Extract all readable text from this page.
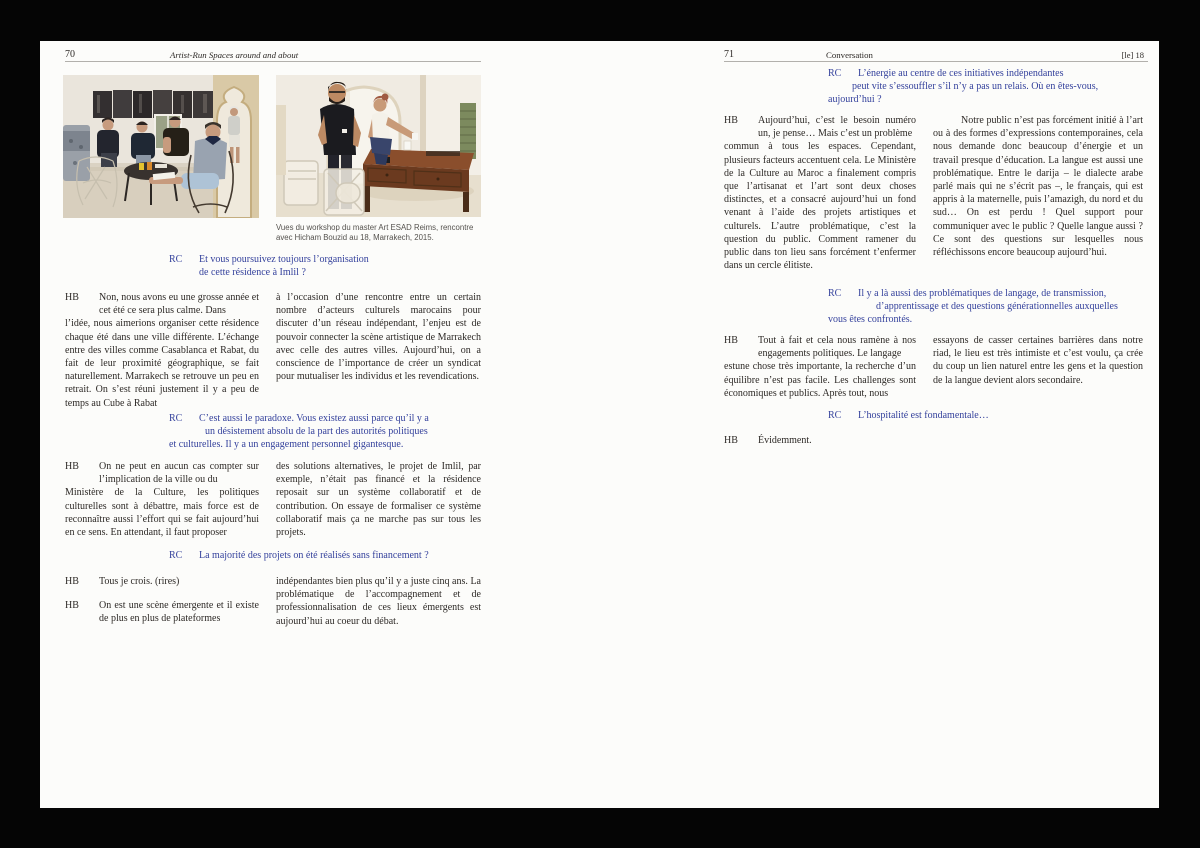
70	Artist-Run Spaces around and about
Vues du workshop du master Art ESAD Reims, rencontre avec Hicham Bouzid au 18, Marrakech, 2015.
RC Et vous poursuivez toujours l’organisation
de cette résidence à Imlil ?
HB Non, nous avons eu une grosse année et cet été ce sera plus calme. Dans
l’idée, nous aimerions organiser cette résidence chaque été dans une ville différente. L’échange entre des villes comme Casablanca et Rabat, du fait de leur proximité géographique, se fait naturellement. Marrakech se retrouve un peu en retrait. On s’est réuni justement il y a peu de temps au Cube à Rabat
à l’occasion d’une rencontre entre un certain nombre d’acteurs culturels marocains pour discuter d’un réseau indépendant, l’enjeu est de pouvoir connecter la scène artistique de Marrakech avec celle des autres villes. Aujourd’hui, on a conscience de l’importance de créer un syndicat pour mutualiser les individus et les revendications.
RC C’est aussi le paradoxe. Vous existez aussi parce qu’il y a
un désistement absolu de la part des autorités politiques
et culturelles. Il y a un engagement personnel gigantesque.
HB On ne peut en aucun cas compter sur l’implication de la ville ou du
Ministère de la Culture, les politiques culturelles sont à débattre, mais force est de reconnaître aussi l’effort qui se fait aujourd’hui en ce sens. En attendant, il faut proposer
des solutions alternatives, le projet de Imlil, par exemple, n’était pas financé et la résidence reposait sur un système collaboratif et de contribution. On essaye de formaliser ce système collaboratif mais ça ne marche pas sur tous les projets.
RC La majorité des projets on été réalisés sans financement ?
HB Tous je crois. (rires)
HB On est une scène émergente et il existe de plus en plus de plateformes
indépendantes bien plus qu’il y a juste cinq ans. La problématique de l’accompagnement et de professionnalisation de ces lieux émergents est aujourd’hui au coeur du débat.
71	Conversation	[le] 18
RC L’énergie au centre de ces initiatives indépendantes
peut vite s’essouffler s’il n’y a pas un relais. Où en êtes-vous,
aujourd’hui ?
HB Aujourd’hui, c’est le besoin numéro un, je pense… Mais c’est un problème
commun à tous les espaces. Cependant, plusieurs facteurs accentuent cela. Le Ministère de la Culture au Maroc a finalement compris que l’artisanat et l’art sont deux choses distinctes, et a consacré aujourd’hui un fond venant à l’aide des projets artistiques et culturels. L’autre problématique, c’est la question du public. Comment ramener du public dans ton lieu sans forcément t’enfermer dans un cercle élitiste.
Notre public n’est pas forcément initié à l’art ou à des formes d’expressions contemporaines, cela nous demande donc beaucoup d’énergie et un travail presque d’éducation. La langue est aussi une problématique. Entre le darija – le dialecte arabe parlé mais qui ne s’écrit pas –, le français, qui est appris à la maternelle, puis l’amazigh, du nord et du sud… On est perdu ! Quel support pour communiquer avec le public ? Quelle langue aussi ? Ce sont des questions sur lesquelles nous réfléchissons encore beaucoup aujourd’hui.
RC Il y a là aussi des problématiques de langage, de transmission,
d’apprentissage et des questions générationnelles auxquelles
vous êtes confrontés.
HB Tout à fait et cela nous ramène à nos engagements politiques. Le langage
estune chose très importante, la recherche d’un équilibre n’est pas facile. Les challenges sont économiques et publics. Après tout, nous
essayons de casser certaines barrières dans notre riad, le lieu est très intimiste et c’est voulu, ça crée du coup un lien naturel entre les gens et la question de la langue devient alors secondaire.
RC L’hospitalité est fondamentale…
HB Évidemment.
